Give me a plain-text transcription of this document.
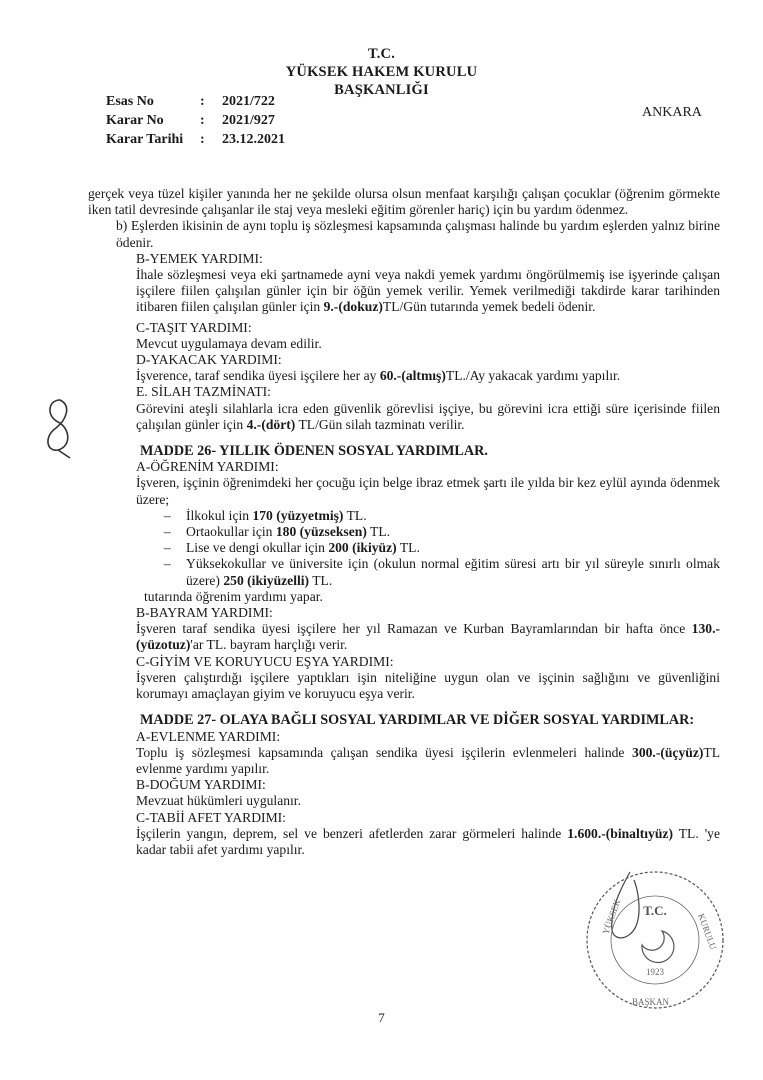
T.C.
YÜKSEK HAKEM KURULU
BAŞKANLIĞI
Esas No	:	2021/722
Karar No	:	2021/927
Karar Tarihi	:	23.12.2021
ANKARA

gerçek veya tüzel kişiler yanında her ne şekilde olursa olsun menfaat karşılığı çalışan çocuklar (öğrenim görmekte iken tatil devresinde çalışanlar ile staj veya mesleki eğitim görenler hariç) için bu yardım ödenmez.

b) Eşlerden ikisinin de aynı toplu iş sözleşmesi kapsamında çalışması halinde bu yardım eşlerden yalnız birine ödenir.

B-YEMEK YARDIMI:

İhale sözleşmesi veya eki şartnamede ayni veya nakdi yemek yardımı öngörülmemiş ise işyerinde çalışan işçilere fiilen çalışılan günler için bir öğün yemek verilir. Yemek verilmediği takdirde karar tarihinden itibaren fiilen çalışılan günler için 9.-(dokuz)TL/Gün tutarında yemek bedeli ödenir.

C-TAŞIT YARDIMI:

Mevcut uygulamaya devam edilir.

D-YAKACAK YARDIMI:

İşverence, taraf sendika üyesi işçilere her ay 60.-(altmış)TL./Ay yakacak yardımı yapılır.

E. SİLAH TAZMİNATI:

Görevini ateşli silahlarla icra eden güvenlik görevlisi işçiye, bu görevini icra ettiği süre içerisinde fiilen çalışılan günler için 4.-(dört) TL/Gün silah tazminatı verilir.

MADDE 26- YILLIK ÖDENEN SOSYAL YARDIMLAR.

A-ÖĞRENİM YARDIMI:

İşveren, işçinin öğrenimdeki her çocuğu için belge ibraz etmek şartı ile yılda bir kez eylül ayında ödenmek üzere;

– İlkokul için 170 (yüzyetmiş) TL.
– Ortaokullar için 180 (yüzseksen) TL.
– Lise ve dengi okullar için 200 (ikiyüz) TL.
– Yüksekokullar ve üniversite için (okulun normal eğitim süresi artı bir yıl süreyle sınırlı olmak üzere) 250 (ikiyüzelli) TL.

tutarında öğrenim yardımı yapar.

B-BAYRAM YARDIMI:

İşveren taraf sendika üyesi işçilere her yıl Ramazan ve Kurban Bayramlarından bir hafta önce 130.-(yüzotuz)'ar TL. bayram harçlığı verir.

C-GİYİM VE KORUYUCU EŞYA YARDIMI:

İşveren çalıştırdığı işçilere yaptıkları işin niteliğine uygun olan ve işçinin sağlığını ve güvenliğini korumayı amaçlayan giyim ve koruyucu eşya verir.

MADDE 27- OLAYA BAĞLI SOSYAL YARDIMLAR VE DİĞER SOSYAL YARDIMLAR:

A-EVLENME YARDIMI:

Toplu iş sözleşmesi kapsamında çalışan sendika üyesi işçilerin evlenmeleri halinde 300.-(üçyüz)TL evlenme yardımı yapılır.

B-DOĞUM YARDIMI:

Mevzuat hükümleri uygulanır.

C-TABİİ AFET YARDIMI:

İşçilerin yangın, deprem, sel ve benzeri afetlerden zarar görmeleri halinde 1.600.-(binaltıyüz) TL. 'ye kadar tabii afet yardımı yapılır.

7
T.C.
YÜKSEK	KURULU
BAŞKAN
1923
